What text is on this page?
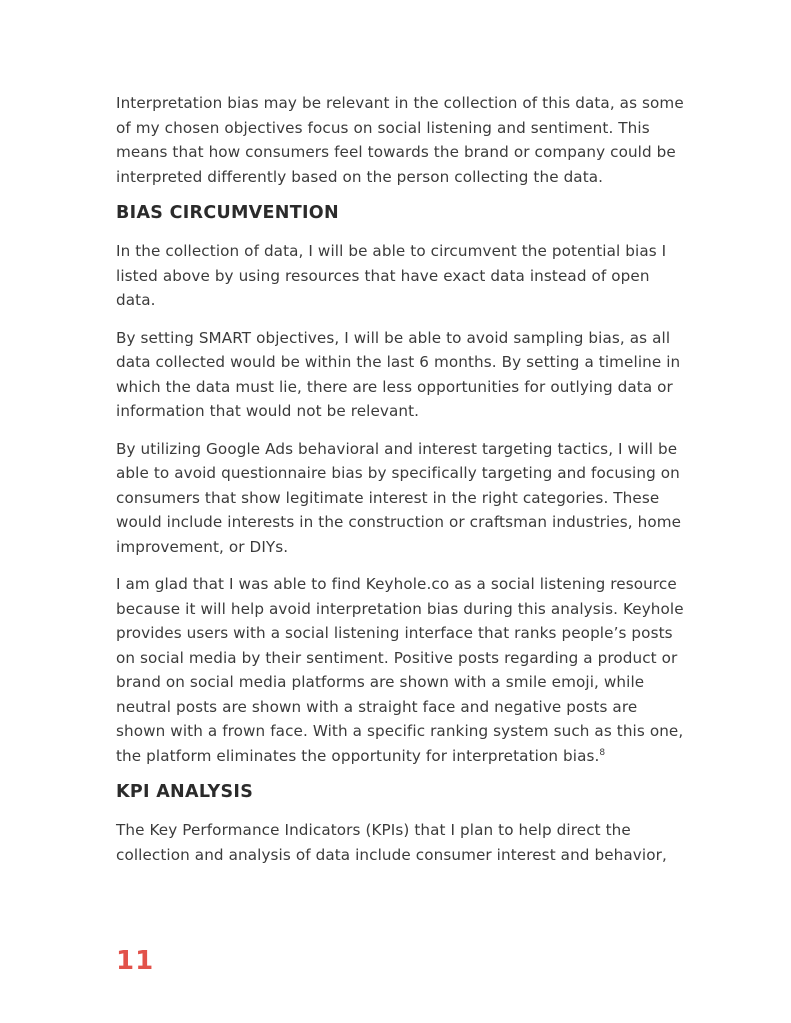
Interpretation bias may be relevant in the collection of this data, as some of my chosen objectives focus on social listening and sentiment. This means that how consumers feel towards the brand or company could be interpreted differently based on the person collecting the data.

BIAS CIRCUMVENTION

In the collection of data, I will be able to circumvent the potential bias I listed above by using resources that have exact data instead of open data.

By setting SMART objectives, I will be able to avoid sampling bias, as all data collected would be within the last 6 months. By setting a timeline in which the data must lie, there are less opportunities for outlying data or information that would not be relevant.

By utilizing Google Ads behavioral and interest targeting tactics, I will be able to avoid questionnaire bias by specifically targeting and focusing on consumers that show legitimate interest in the right categories. These would include interests in the construction or craftsman industries, home improvement, or DIYs.

I am glad that I was able to find Keyhole.co as a social listening resource because it will help avoid interpretation bias during this analysis. Keyhole provides users with a social listening interface that ranks people’s posts on social media by their sentiment. Positive posts regarding a product or brand on social media platforms are shown with a smile emoji, while neutral posts are shown with a straight face and negative posts are shown with a frown face. With a specific ranking system such as this one, the platform eliminates the opportunity for interpretation bias.$^8$

KPI ANALYSIS

The Key Performance Indicators (KPIs) that I plan to help direct the collection and analysis of data include consumer interest and behavior,

11
